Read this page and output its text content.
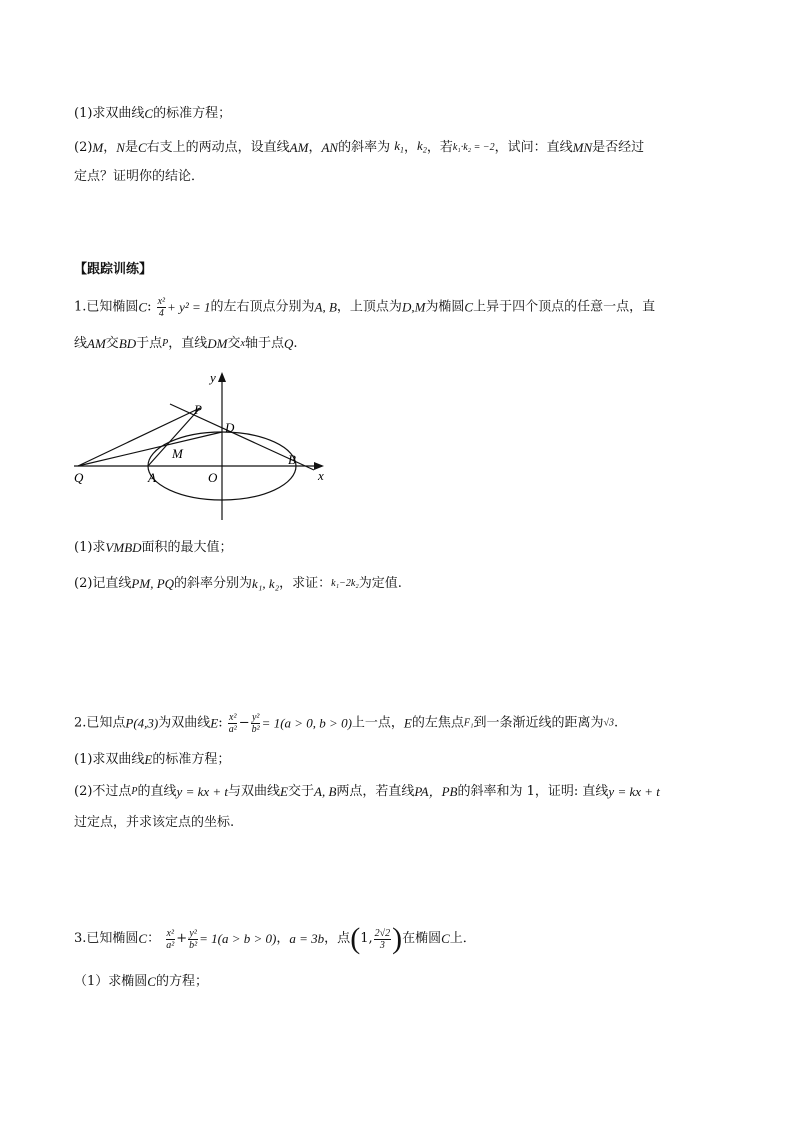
(1)求双曲线C的标准方程；
(2)M，N是C右支上的两动点，设直线AM，AN的斜率为 $k_1$，$k_2$，若k₁·k₂ = −2，试问：直线MN是否经过
定点？证明你的结论．
【跟踪训练】
1.已知椭圆C: $\frac{\text{x²}}{4} + y^2 = 1$的左右顶点分别为A, B，上顶点为D,M为椭圆C上异于四个顶点的任意一点，直
线AM交BD于点P，直线DM交x轴于点Q.
y
x
P
D
M
Q	A	O
B
(1)求VMBD面积的最大值；
(2)记直线PM, PQ的斜率分别为k₁, k₂，求证：k₁−2k₂为定值.
2.已知点P(4,3)为双曲线E: $\frac{\text{x²}}{\text{a²}} - \frac{\text{y²}}{\text{b²}} = 1(a > 0$, b > 0)上一点，E的左焦点F₁到一条渐近线的距离为√3.
(1)求双曲线E的标准方程；
(2)不过点P的直线y = kx + t与双曲线E交于A, B两点，若直线PA，PB的斜率和为 1，证明: 直线y = kx + t
过定点，并求该定点的坐标.
3.已知椭圆C： $\frac{\text{x²}}{\text{a²}} + \frac{\text{y²}}{\text{b²}} = 1(a > b > 0)$，a = 3b，点(1, $\frac{2√2}{3}$ )在椭圆C上．
（1）求椭圆C的方程；
